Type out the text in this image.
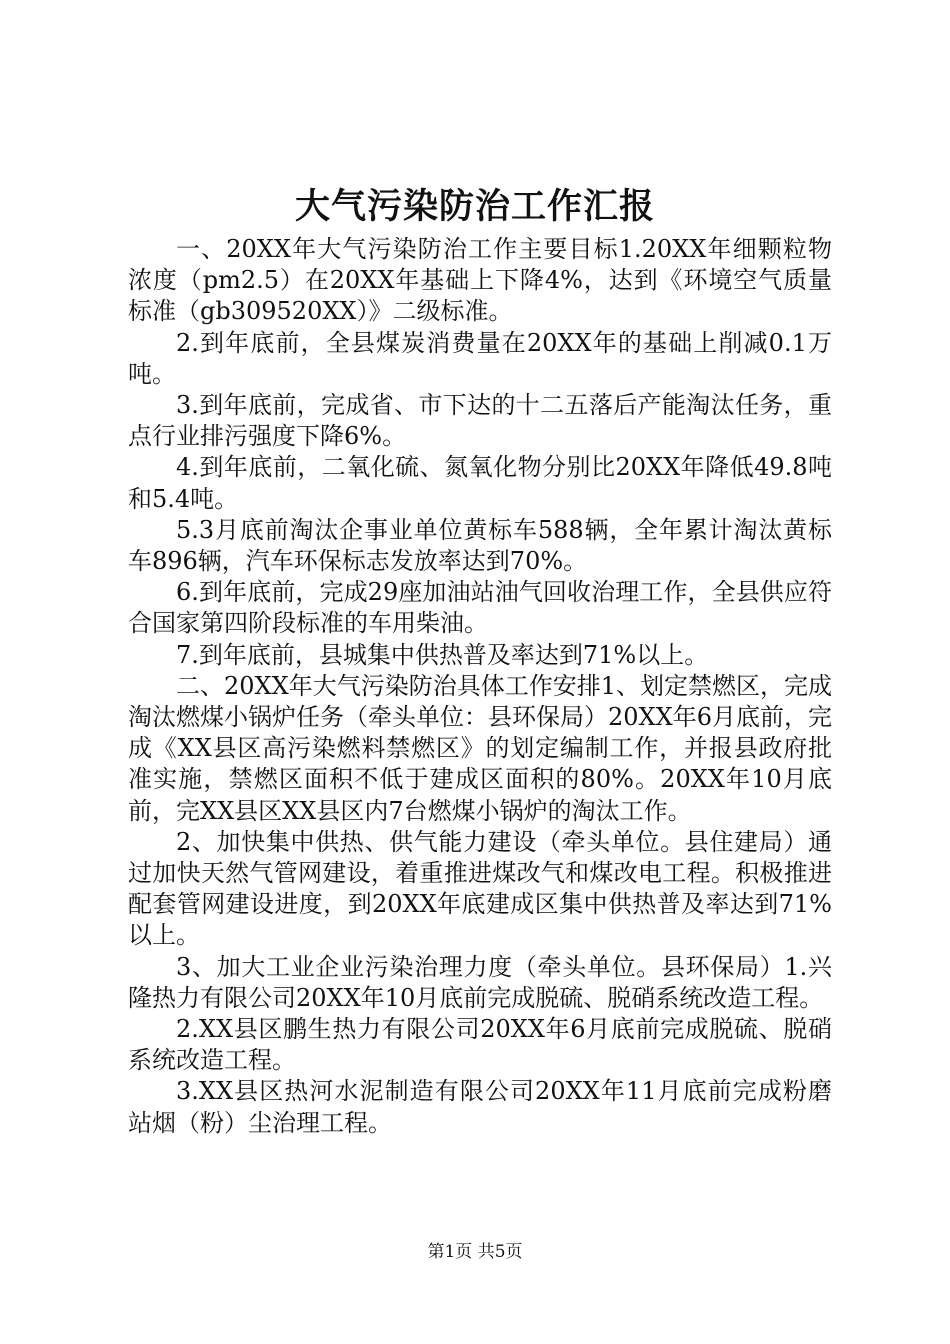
大气污染防治工作汇报

一、20XX年大气污染防治工作主要目标1.20XX年细颗粒物浓度（pm2.5）在20XX年基础上下降4%，达到《环境空气质量标准（gb309520XX）》二级标准。

2.到年底前，全县煤炭消费量在20XX年的基础上削减0.1万吨。

3.到年底前，完成省、市下达的十二五落后产能淘汰任务，重点行业排污强度下降6%。

4.到年底前，二氧化硫、氮氧化物分别比20XX年降低49.8吨和5.4吨。

5.3月底前淘汰企事业单位黄标车588辆，全年累计淘汰黄标车896辆，汽车环保标志发放率达到70%。

6.到年底前，完成29座加油站油气回收治理工作，全县供应符合国家第四阶段标准的车用柴油。

7.到年底前，县城集中供热普及率达到71%以上。

二、20XX年大气污染防治具体工作安排1、划定禁燃区，完成淘汰燃煤小锅炉任务（牵头单位：县环保局）20XX年6月底前，完成《XX县区高污染燃料禁燃区》的划定编制工作，并报县政府批准实施，禁燃区面积不低于建成区面积的80%。20XX年10月底前，完XX县区XX县区内7台燃煤小锅炉的淘汰工作。

2、加快集中供热、供气能力建设（牵头单位。县住建局）通过加快天然气管网建设，着重推进煤改气和煤改电工程。积极推进配套管网建设进度，到20XX年底建成区集中供热普及率达到71%以上。

3、加大工业企业污染治理力度（牵头单位。县环保局）1.兴隆热力有限公司20XX年10月底前完成脱硫、脱硝系统改造工程。

2.XX县区鹏生热力有限公司20XX年6月底前完成脱硫、脱硝系统改造工程。

3.XX县区热河水泥制造有限公司20XX年11月底前完成粉磨站烟（粉）尘治理工程。

第1页 共5页
